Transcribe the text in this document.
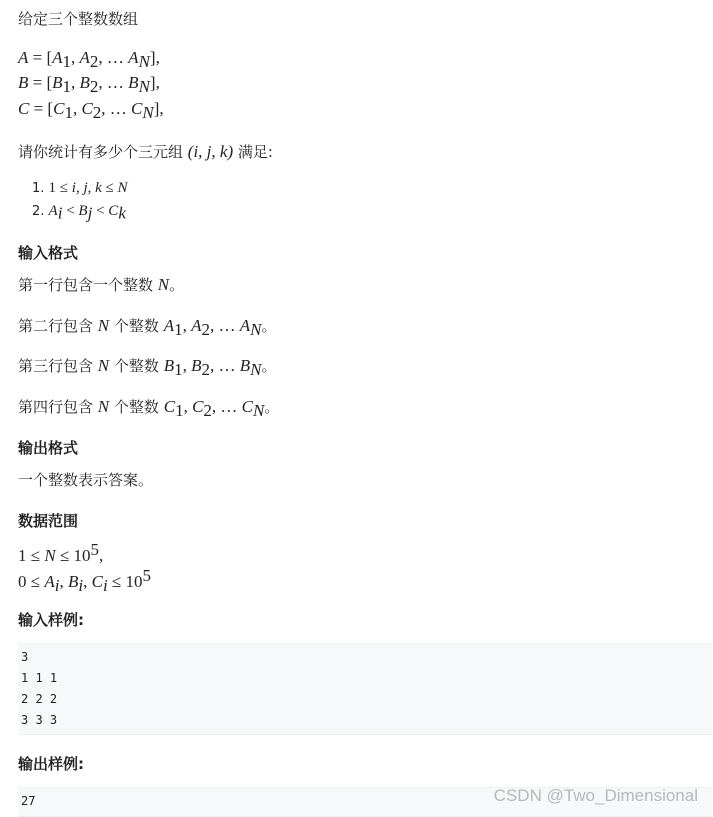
给定三个整数数组
$A = [A_1$, $A_2$, … $A_N$],
$B = [B_1$, $B_2$, … $B_N$],
$C = [C_1$, $C_2$, … $C_N$],
请你统计有多少个三元组 (i, j, k) 满足:
1. 1 ≤ i, j, k ≤ N
2. $A_i < B_j < C_k$
输入格式
第一行包含一个整数 N。
第二行包含 N 个整数 $A_1$, $A_2$, … $A_N$。
第三行包含 N 个整数 $B_1$, $B_2$, … $B_N$。
第四行包含 N 个整数 $C_1$, $C_2$, … $C_N$。
输出格式
一个整数表示答案。
数据范围
$1 \le N \le 10^5$,
$0 \le A_i$, $B_i$, $C_i \le 10^5$
输入样例:
3
1 1 1
2 2 2
3 3 3
输出样例:
27	CSDN @Two_Dimensional
